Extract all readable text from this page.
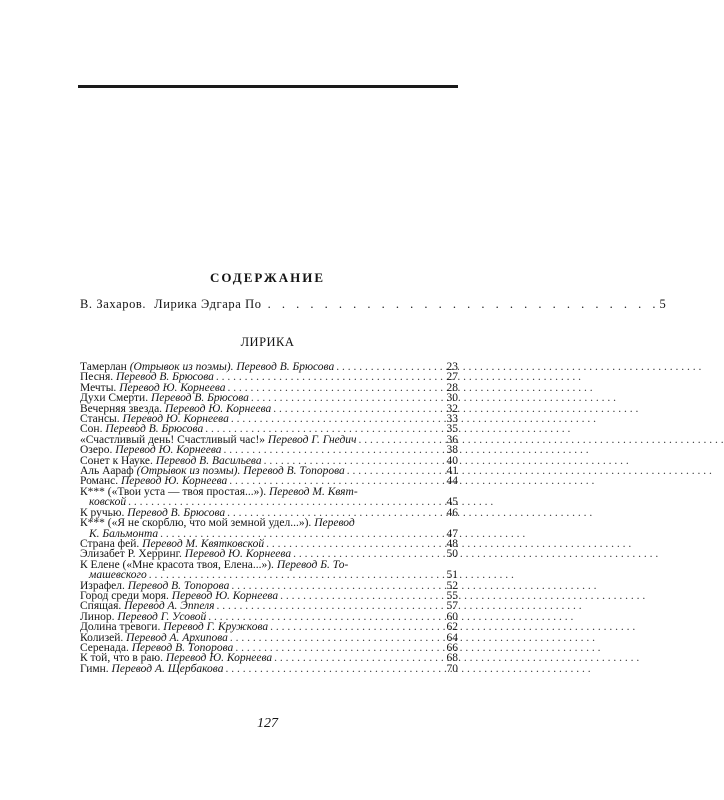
СОДЕРЖАНИЕ
В. Захаров. Лирика Эдгара По . . . . . . . . . . . . . . . . . . . . . . . . . . . . 5
ЛИРИКА
Тамерлан (Отрывок из поэмы). Перевод В. Брюсова . . .	23
Песня. Перевод В. Брюсова . . .	27
Мечты. Перевод Ю. Корнеева . . .	28
Духи Смерти. Перевод В. Брюсова . . .	30
Вечерняя звезда. Перевод Ю. Корнеева . . .	32
Стансы. Перевод Ю. Корнеева . . .	33
Сон. Перевод В. Брюсова . . .	35
«Счастливый день! Счастливый час!» Перевод Г. Гнедич . . .	36
Озеро. Перевод Ю. Корнеева . . .	38
Сонет к Науке. Перевод В. Васильева . . .	40
Аль Аараф (Отрывок из поэмы). Перевод В. Топорова . . .	41
Романс. Перевод Ю. Корнеева . . .	44
К*** («Твои уста — твоя простая...»). Перевод М. Квят-
ковской . . .	45
К ручью. Перевод В. Брюсова . . .	46
К*** («Я не скорблю, что мой земной удел...»). Перевод
К. Бальмонта . . .	47
Страна фей. Перевод М. Квятковской . . .	48
Элизабет Р. Херринг. Перевод Ю. Корнеева . . .	50
К Елене («Мне красота твоя, Елена...»). Перевод Б. То-
машевского . . .	51
Израфел. Перевод В. Топорова . . .	52
Город среди моря. Перевод Ю. Корнеева . . .	55
Спящая. Перевод А. Эппеля . . .	57
Линор. Перевод Г. Усовой . . .	60
Долина тревоги. Перевод Г. Кружкова . . .	62
Колизей. Перевод А. Архипова . . .	64
Серенада. Перевод В. Топорова . . .	66
К той, что в раю. Перевод Ю. Корнеева . . .	68
Гимн. Перевод А. Щербакова . . .	70
127
